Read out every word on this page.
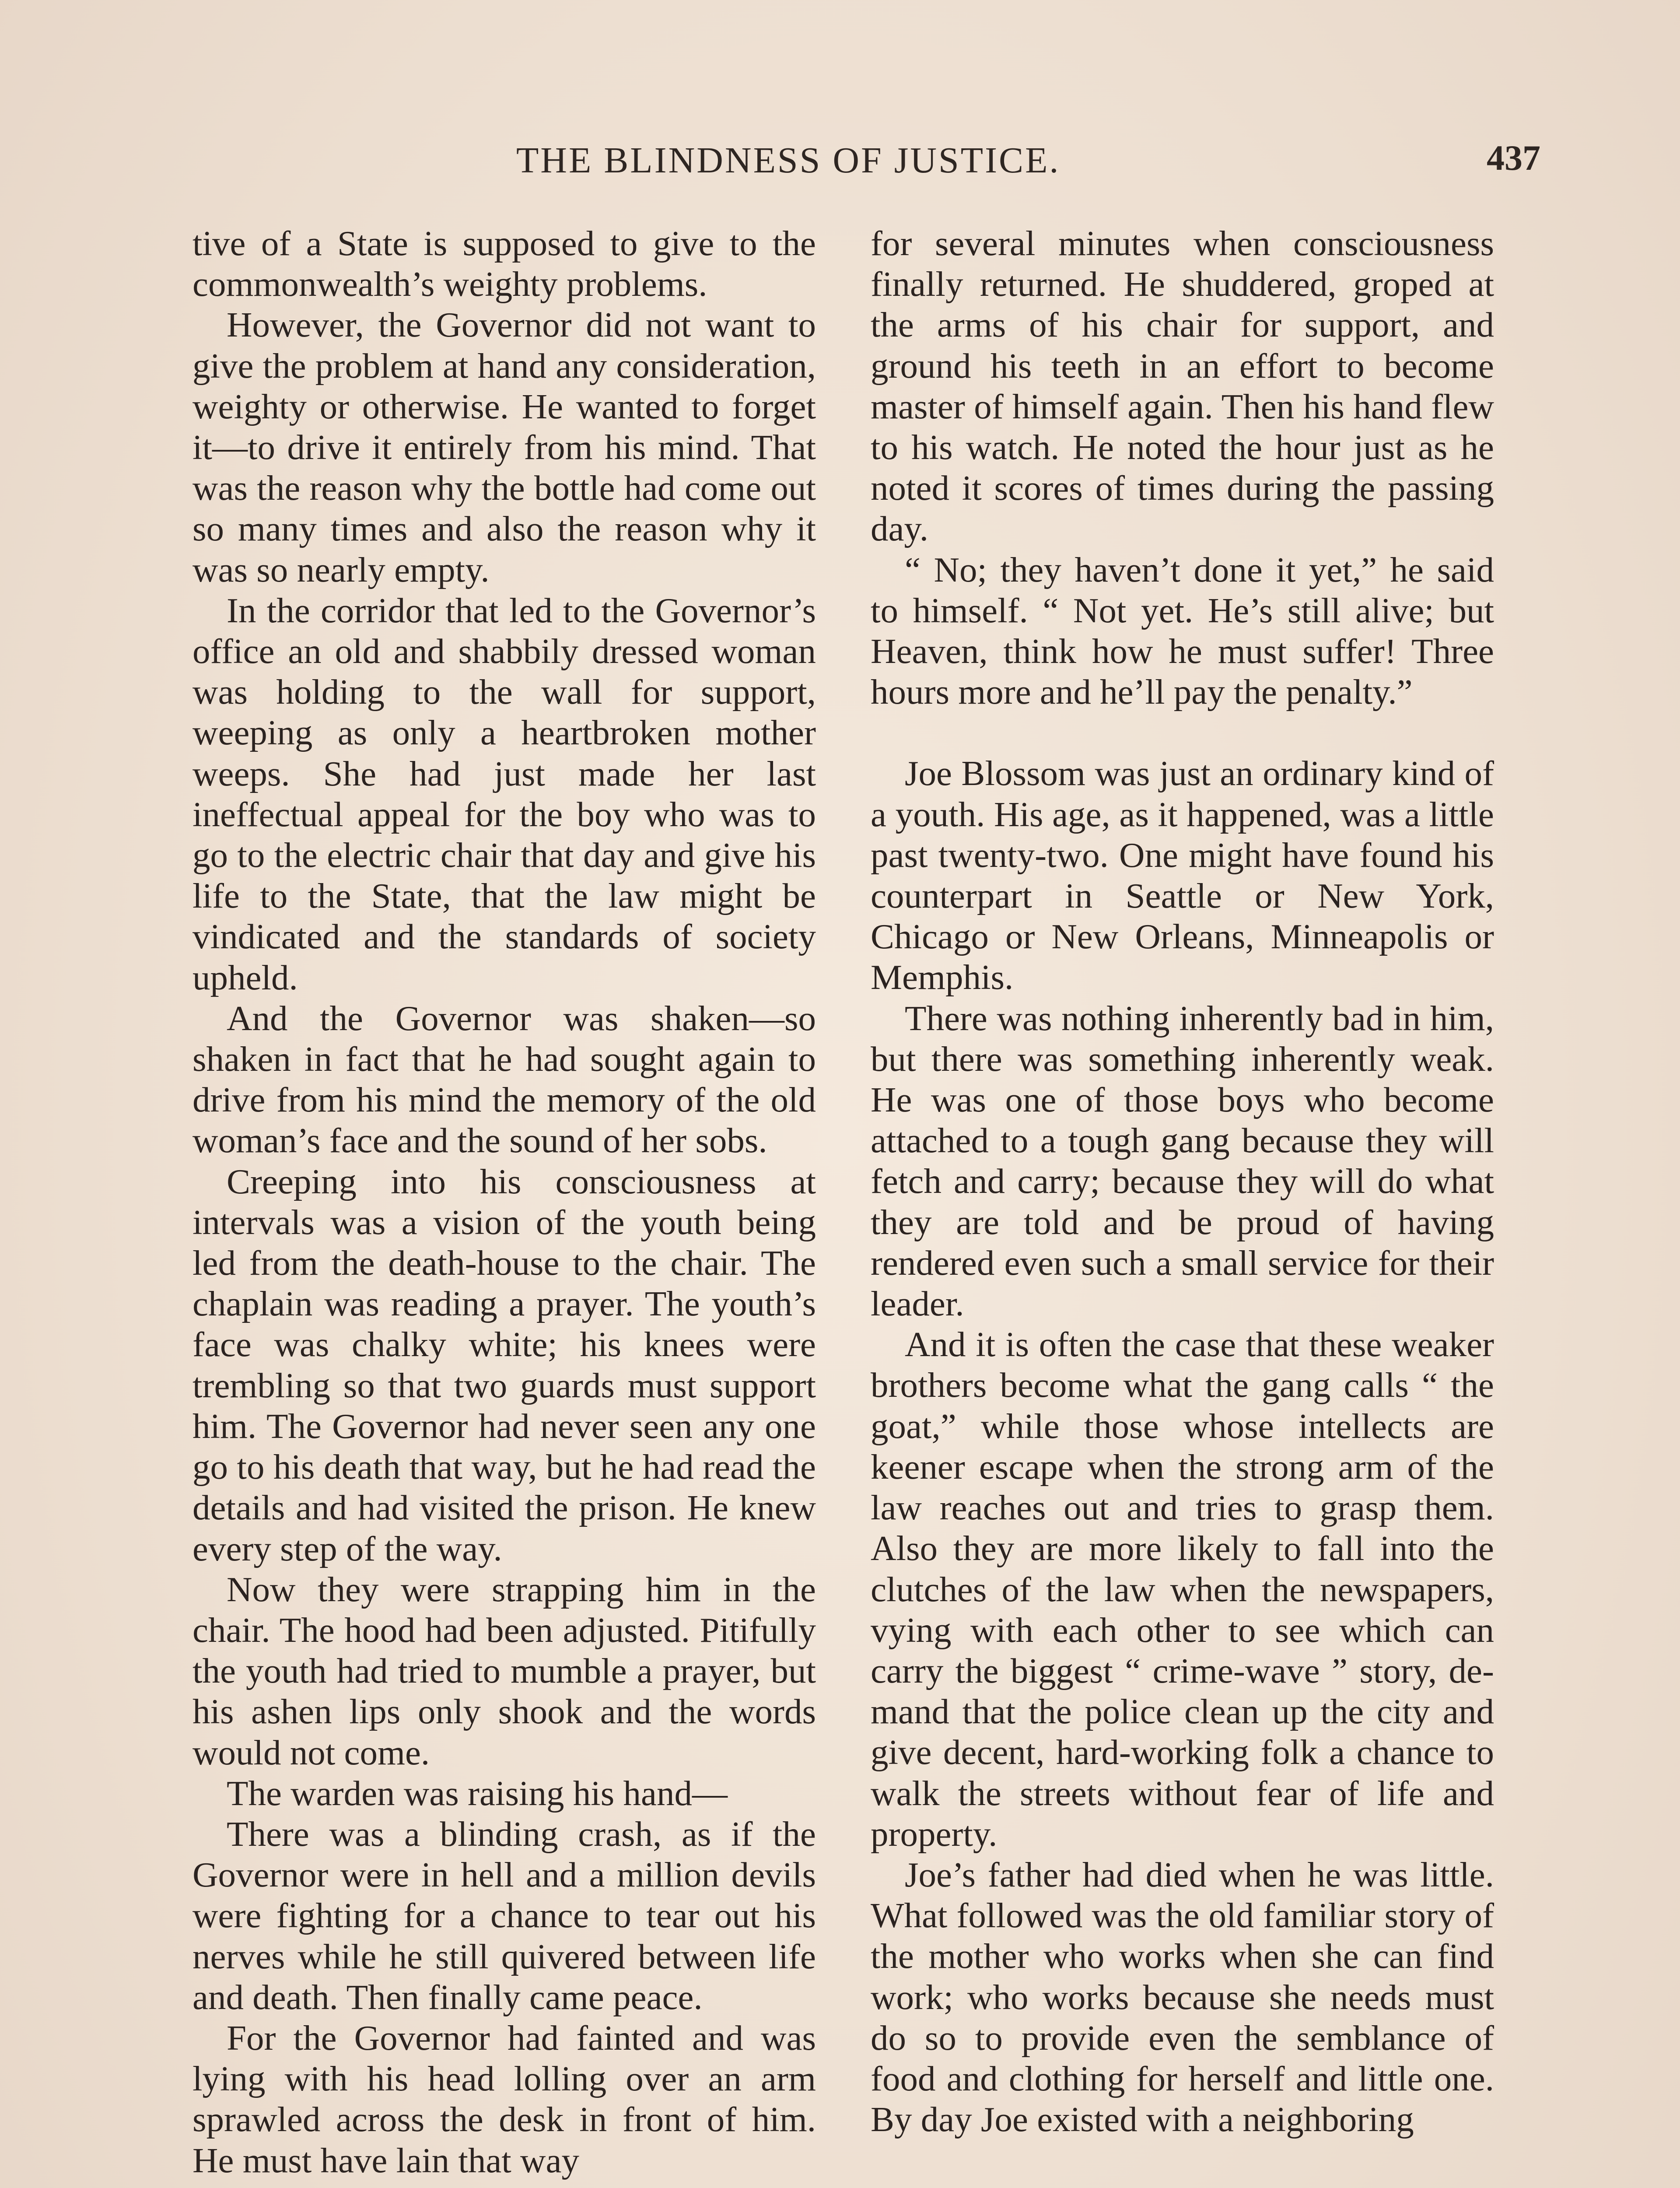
THE BLINDNESS OF JUSTICE.	437

tive of a State is supposed to give to the commonwealth’s weighty problems.

However, the Governor did not want to give the problem at hand any consideration, weighty or otherwise. He wanted to forget it—to drive it entirely from his mind. That was the reason why the bottle had come out so many times and also the reason why it was so nearly empty.

In the corridor that led to the Governor’s office an old and shabbily dressed woman was holding to the wall for support, weeping as only a heartbroken mother weeps. She had just made her last ineffectual appeal for the boy who was to go to the electric chair that day and give his life to the State, that the law might be vindicated and the standards of society upheld.

And the Governor was shaken—so shaken in fact that he had sought again to drive from his mind the memory of the old woman’s face and the sound of her sobs.

Creeping into his consciousness at intervals was a vision of the youth being led from the death-house to the chair. The chaplain was reading a prayer. The youth’s face was chalky white; his knees were trembling so that two guards must support him. The Governor had never seen any one go to his death that way, but he had read the details and had visited the prison. He knew every step of the way.

Now they were strapping him in the chair. The hood had been adjusted. Pitifully the youth had tried to mumble a prayer, but his ashen lips only shook and the words would not come.

The warden was raising his hand—

There was a blinding crash, as if the Governor were in hell and a million devils were fighting for a chance to tear out his nerves while he still quivered between life and death. Then finally came peace.

For the Governor had fainted and was lying with his head lolling over an arm sprawled across the desk in front of him. He must have lain that way

for several minutes when consciousness finally returned. He shuddered, groped at the arms of his chair for support, and ground his teeth in an effort to become master of himself again. Then his hand flew to his watch. He noted the hour just as he noted it scores of times during the passing day.

“ No; they haven’t done it yet,” he said to himself. “ Not yet. He’s still alive; but Heaven, think how he must suffer! Three hours more and he’ll pay the penalty.”

Joe Blossom was just an ordinary kind of a youth. His age, as it happened, was a little past twenty-two. One might have found his counterpart in Seattle or New York, Chicago or New Orleans, Minneapolis or Memphis.

There was nothing inherently bad in him, but there was something inherently weak. He was one of those boys who become attached to a tough gang because they will fetch and carry; because they will do what they are told and be proud of having rendered even such a small service for their leader.

And it is often the case that these weaker brothers become what the gang calls “ the goat,” while those whose intellects are keener escape when the strong arm of the law reaches out and tries to grasp them. Also they are more likely to fall into the clutches of the law when the newspapers, vying with each other to see which can carry the biggest “ crime-wave ” story, demand that the police clean up the city and give decent, hard-working folk a chance to walk the streets without fear of life and property.

Joe’s father had died when he was little. What followed was the old familiar story of the mother who works when she can find work; who works because she needs must do so to provide even the semblance of food and clothing for herself and little one. By day Joe existed with a neighboring
